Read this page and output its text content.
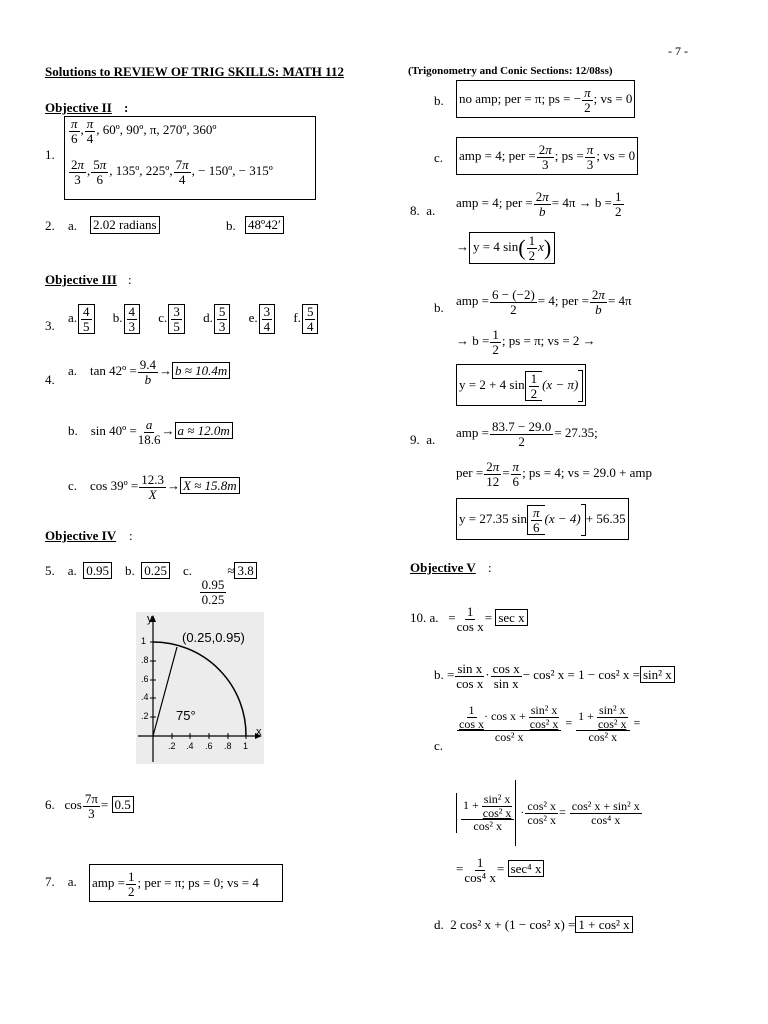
- 7 -
Solutions to REVIEW OF TRIG SKILLS: MATH 112	(Trigonometry and Conic Sections: 12/08ss)
Objective II :
1.
$\frac{\pi}{6}$ , $\frac{\pi}{4}$ , 60º, 90º, π, 270º, 360º
$\frac{2\pi}{3}$ , $\frac{5\pi}{6}$ , 135º, 225º, $\frac{7\pi}{4}$ , − 150º, − 315º
2. a. 2.02 radians	b. 48º42′
Objective III :
3.
a. $\frac{4}{5} b$. $\frac{4}{3} c$. $\frac{3}{5} d$. $\frac{5}{3} e$. $\frac{3}{4} f$. $\frac{5}{4}$
4.
a. tan 42º = $\frac{9.4}{b} \to b \approx 10.4m$
b. sin 40º = $\frac{a}{18.6} \to a \approx 12.0m$
c. cos 39º = $\frac{12.3}{X} \to X \approx 15.8m$
Objective IV :
5. a. 0.95 b. 0.25 c.
$\frac{0.95}{0.25}$
≈ 3.8
y
x
(0.25,0.95)
75°
1
.8
.6
.4
.2
.2 .4 .6 .8 1
6. $\cos \frac{7\pi}{3} = 0.5$
7. a. amp = $\frac{1}{2}$ ; per = π; ps = 0; vs = 4
b. no amp; per = π; ps = − $\frac{\pi}{2}$ ; vs = 0
c. amp = 4; per = $\frac{2\pi}{3}$ ; ps = $\frac{\pi}{3}$ ; vs = 0
8. a.
amp = 4; per = $\frac{2\pi}{b} = 4\pi \to b = \frac{1}{2}$
→ y = 4 $\sin( \frac{1}{2} x)$
b. amp = $\frac{6 - (-2)}{2} = 4$; per = $\frac{2\pi}{b} = 4\pi$
→ $b = \frac{1}{2}$ ; ps = π; vs = 2 →
y = 2 + 4 $\sin \frac{1}{2} (x - \pi)$
9. a. amp = $\frac{83.7 - 29.0}{2} = 27.35$;
per = $\frac{2\pi}{12} = \frac{\pi}{6}$ ; ps = 4; vs = 29.0 + amp
y = 27.35 $\sin \frac{\pi}{6} (x - 4) + 56.35$
Objective V :
10. a. = $\frac{1}{\text{cos x}} = \sec x$
b. = $\frac{\text{sin x}}{\text{cos x}} \cdot \frac{\text{cos x}}{\text{sin x}} - \cos^2$ x = 1 − cos² x = sin² x
c.
$\frac{\frac{1}{\text{cos x}} \cdot \cos x + \frac{\text{sin² x}}{\text{cos² x}}}{\text{cos² x}} = \frac{1 + \frac{\text{sin² x}}{\text{cos² x}}}{\text{cos² x}}$ =
$\frac{1 + \frac{\text{sin² x}}{\text{cos² x}}}{\text{cos² x}} \cdot \frac{\text{cos² x}}{\text{cos² x}} = \frac{\text{cos² x + sin² x}}{\text{cos⁴ x}}$
= $\frac{1}{\text{cos⁴ x}} = \sec^4$ x
d. 2 cos² x + (1 − cos² x) = 1 + cos² x
